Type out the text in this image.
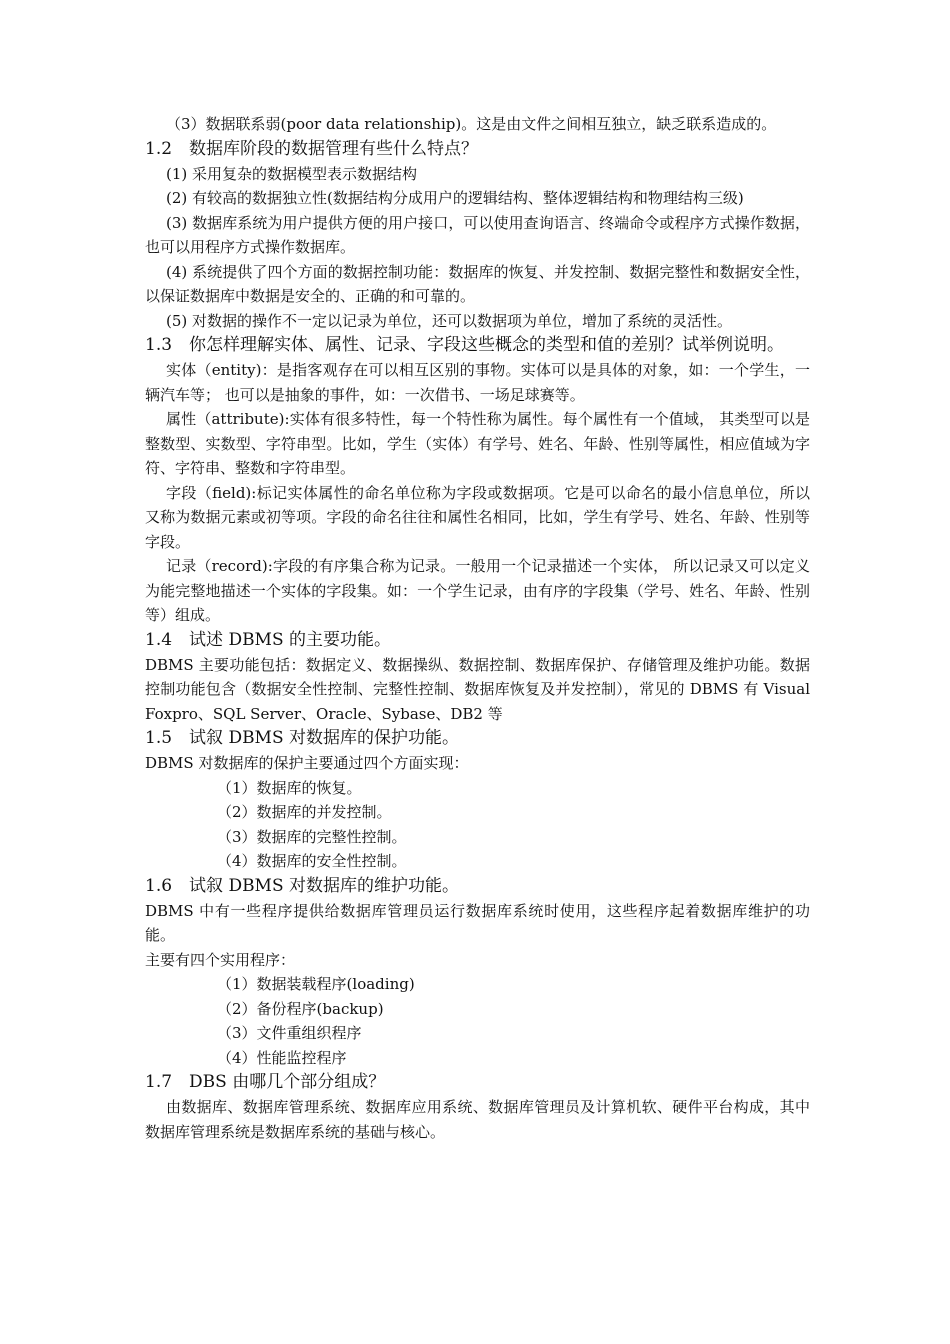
（3）数据联系弱(poor data relationship)。这是由文件之间相互独立，缺乏联系造成的。
1.2　数据库阶段的数据管理有些什么特点？
(1) 采用复杂的数据模型表示数据结构
(2) 有较高的数据独立性(数据结构分成用户的逻辑结构、整体逻辑结构和物理结构三级)
(3) 数据库系统为用户提供方便的用户接口，可以使用查询语言、终端命令或程序方式操作数据， 也可以用程序方式操作数据库。
(4) 系统提供了四个方面的数据控制功能：数据库的恢复、并发控制、数据完整性和数据安全性， 以保证数据库中数据是安全的、正确的和可靠的。
(5) 对数据的操作不一定以记录为单位，还可以数据项为单位，增加了系统的灵活性。
1.3　你怎样理解实体、属性、记录、字段这些概念的类型和值的差别？试举例说明。
实体（entity)：是指客观存在可以相互区别的事物。实体可以是具体的对象，如：一个学生，一辆汽车等； 也可以是抽象的事件，如：一次借书、一场足球赛等。
属性（attribute):实体有很多特性，每一个特性称为属性。每个属性有一个值域， 其类型可以是整数型、实数型、字符串型。比如，学生（实体）有学号、姓名、年龄、性别等属性，相应值域为字符、字符串、整数和字符串型。
字段（field):标记实体属性的命名单位称为字段或数据项。它是可以命名的最小信息单位，所以又称为数据元素或初等项。字段的命名往往和属性名相同，比如，学生有学号、姓名、年龄、性别等字段。
记录（record):字段的有序集合称为记录。一般用一个记录描述一个实体， 所以记录又可以定义为能完整地描述一个实体的字段集。如：一个学生记录，由有序的字段集（学号、姓名、年龄、性别等）组成。
1.4　试述 DBMS 的主要功能。
DBMS 主要功能包括：数据定义、数据操纵、数据控制、数据库保护、存储管理及维护功能。数据控制功能包含（数据安全性控制、完整性控制、数据库恢复及并发控制），常见的 DBMS 有 Visual Foxpro、SQL Server、Oracle、Sybase、DB2 等
1.5　试叙 DBMS 对数据库的保护功能。
DBMS 对数据库的保护主要通过四个方面实现：
（1）数据库的恢复。
（2）数据库的并发控制。
（3）数据库的完整性控制。
（4）数据库的安全性控制。
1.6　试叙 DBMS 对数据库的维护功能。
DBMS 中有一些程序提供给数据库管理员运行数据库系统时使用，这些程序起着数据库维护的功能。
主要有四个实用程序：
（1）数据装载程序(loading)
（2）备份程序(backup)
（3）文件重组织程序
（4）性能监控程序
1.7　DBS 由哪几个部分组成？
由数据库、数据库管理系统、数据库应用系统、数据库管理员及计算机软、硬件平台构成，其中数据库管理系统是数据库系统的基础与核心。
